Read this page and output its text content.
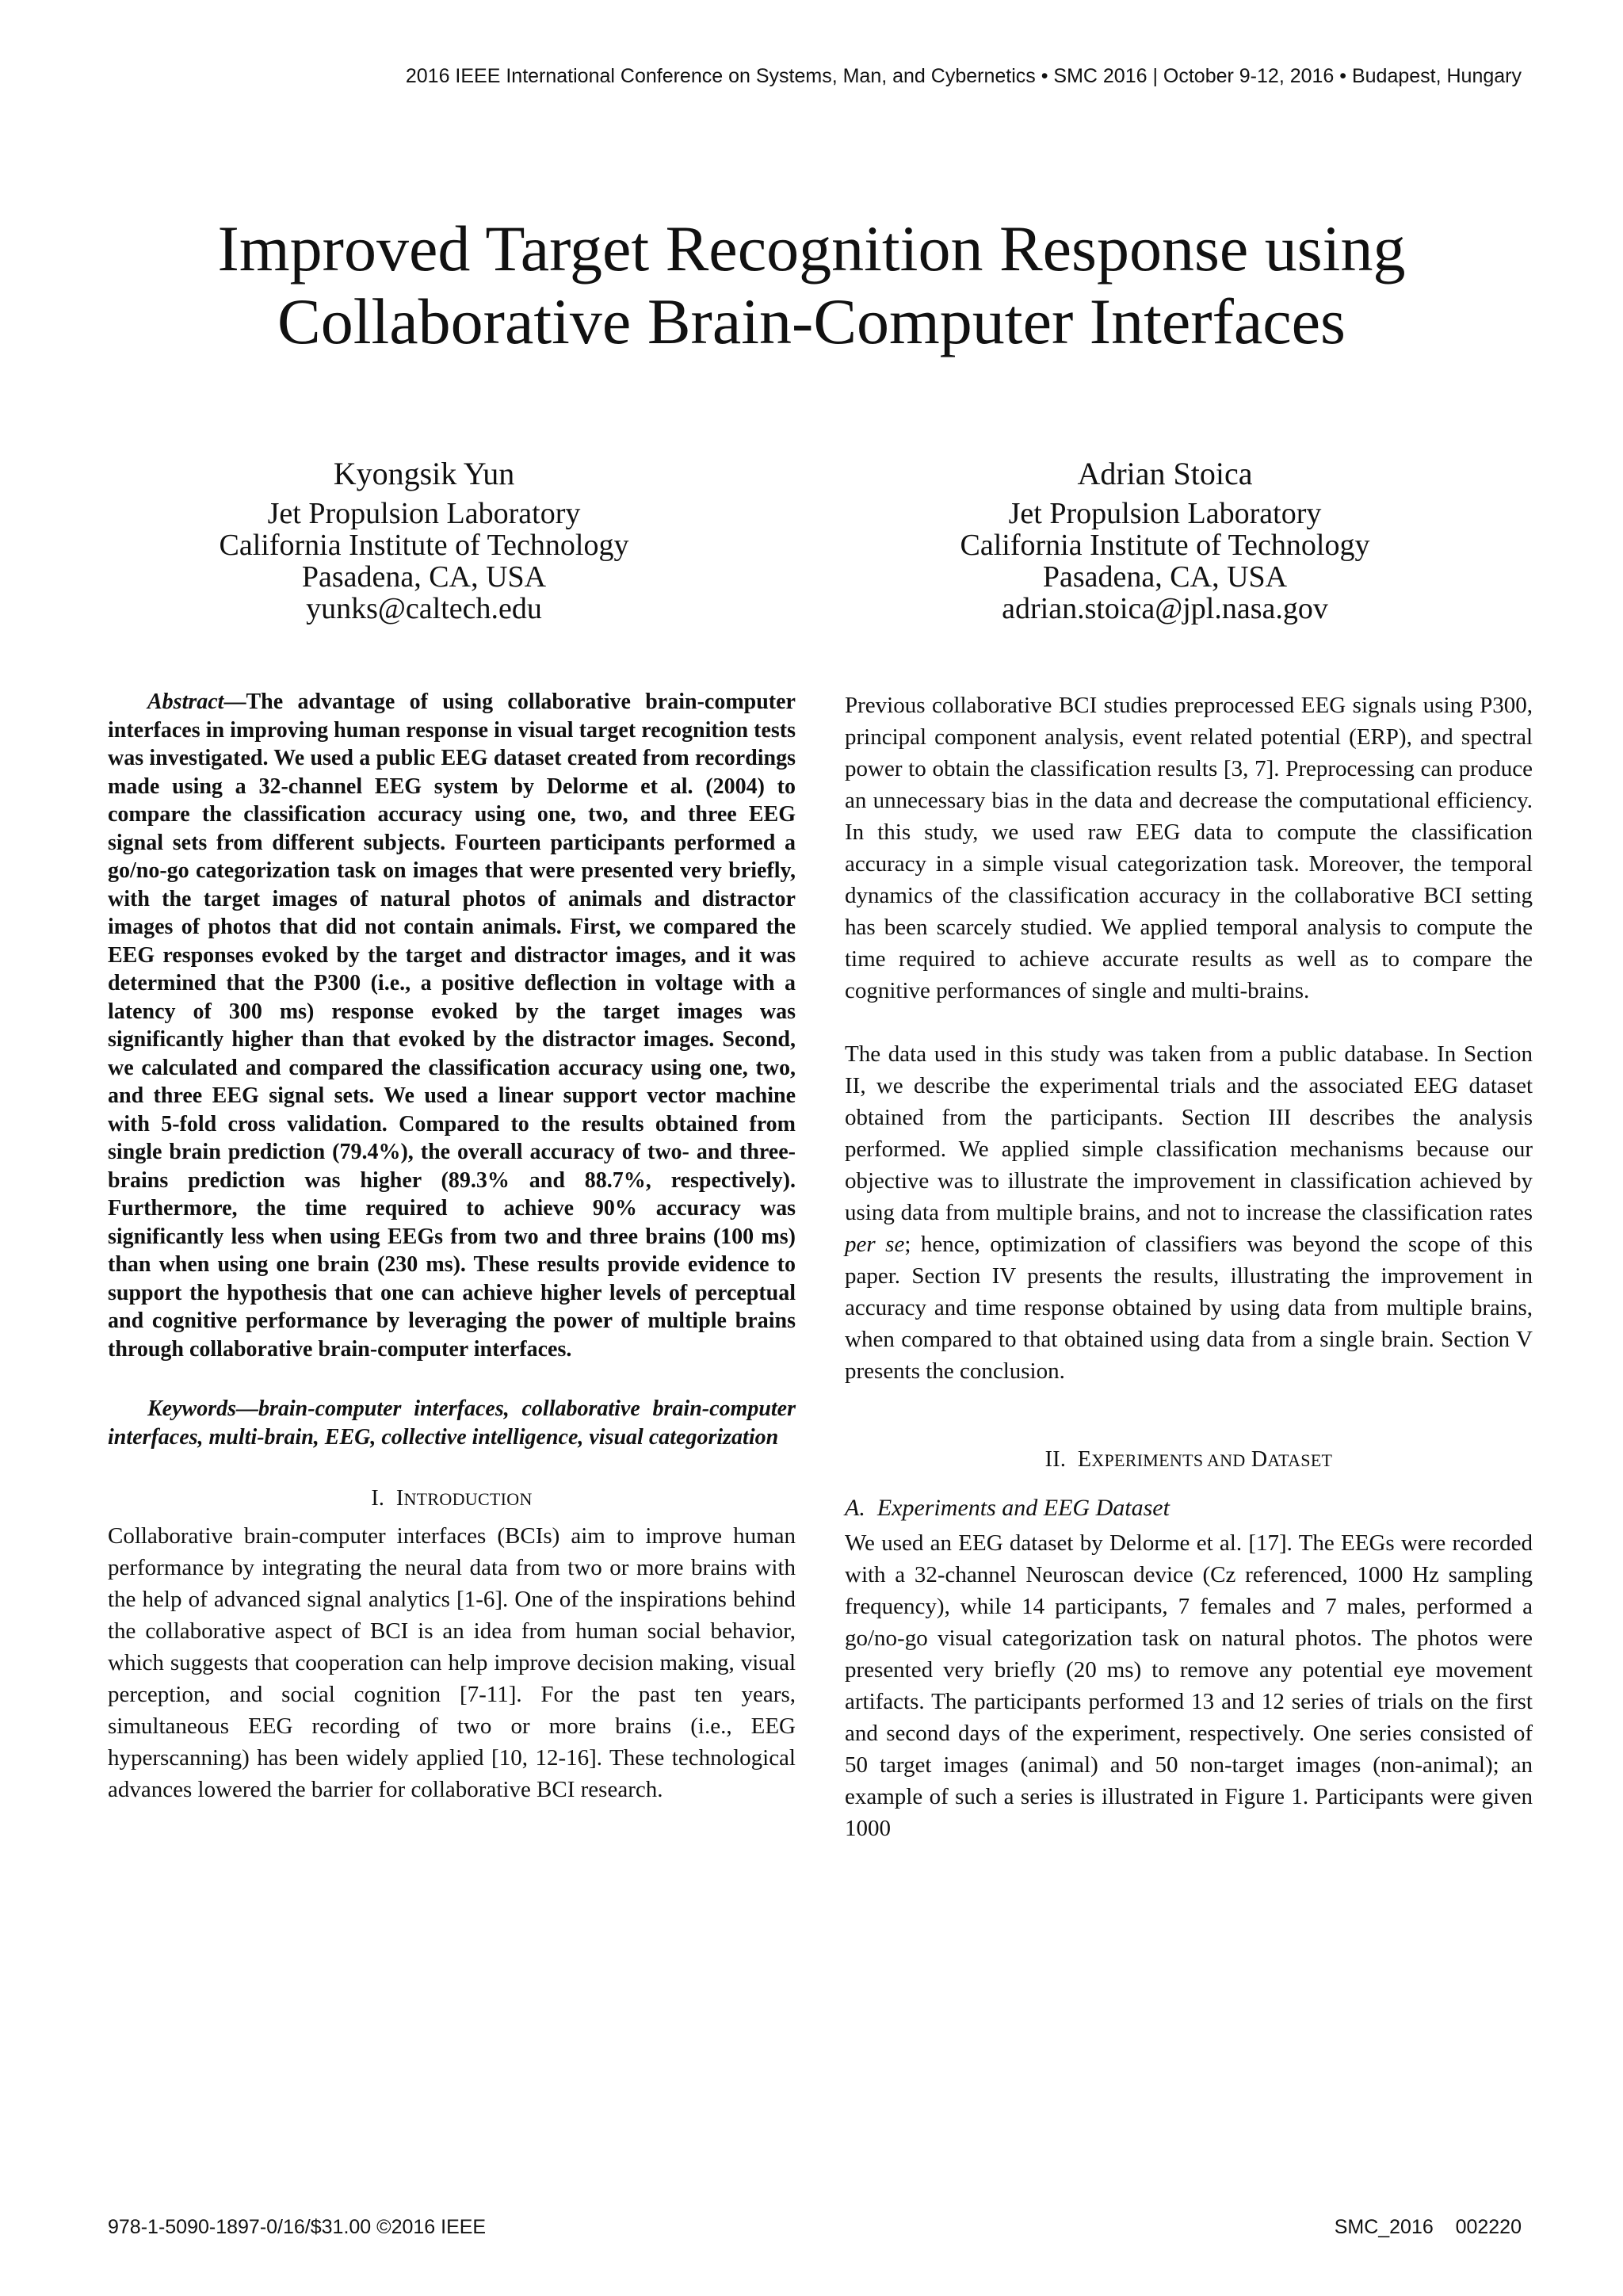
2016 IEEE International Conference on Systems, Man, and Cybernetics • SMC 2016 | October 9-12, 2016 • Budapest, Hungary
Improved Target Recognition Response using
Collaborative Brain-Computer Interfaces
Kyongsik Yun
Jet Propulsion Laboratory
California Institute of Technology
Pasadena, CA, USA
yunks@caltech.edu
Adrian Stoica
Jet Propulsion Laboratory
California Institute of Technology
Pasadena, CA, USA
adrian.stoica@jpl.nasa.gov

Abstract—The advantage of using collaborative brain-computer interfaces in improving human response in visual target recognition tests was investigated. We used a public EEG dataset created from recordings made using a 32-channel EEG system by Delorme et al. (2004) to compare the classification accuracy using one, two, and three EEG signal sets from different subjects. Fourteen participants performed a go/no-go categorization task on images that were presented very briefly, with the target images of natural photos of animals and distractor images of photos that did not contain animals. First, we compared the EEG responses evoked by the target and distractor images, and it was determined that the P300 (i.e., a positive deflection in voltage with a latency of 300 ms) response evoked by the target images was significantly higher than that evoked by the distractor images. Second, we calculated and compared the classification accuracy using one, two, and three EEG signal sets. We used a linear support vector machine with 5-fold cross validation. Compared to the results obtained from single brain prediction (79.4%), the overall accuracy of two- and three-brains prediction was higher (89.3% and 88.7%, respectively). Furthermore, the time required to achieve 90% accuracy was significantly less when using EEGs from two and three brains (100 ms) than when using one brain (230 ms). These results provide evidence to support the hypothesis that one can achieve higher levels of perceptual and cognitive performance by leveraging the power of multiple brains through collaborative brain-computer interfaces.

Keywords—brain-computer interfaces, collaborative brain-computer interfaces, multi-brain, EEG, collective intelligence, visual categorization

I. INTRODUCTION

Collaborative brain-computer interfaces (BCIs) aim to improve human performance by integrating the neural data from two or more brains with the help of advanced signal analytics [1-6]. One of the inspirations behind the collaborative aspect of BCI is an idea from human social behavior, which suggests that cooperation can help improve decision making, visual perception, and social cognition [7-11]. For the past ten years, simultaneous EEG recording of two or more brains (i.e., EEG hyperscanning) has been widely applied [10, 12-16]. These technological advances lowered the barrier for collaborative BCI research.

Previous collaborative BCI studies preprocessed EEG signals using P300, principal component analysis, event related potential (ERP), and spectral power to obtain the classification results [3, 7]. Preprocessing can produce an unnecessary bias in the data and decrease the computational efficiency. In this study, we used raw EEG data to compute the classification accuracy in a simple visual categorization task. Moreover, the temporal dynamics of the classification accuracy in the collaborative BCI setting has been scarcely studied. We applied temporal analysis to compute the time required to achieve accurate results as well as to compare the cognitive performances of single and multi-brains.

The data used in this study was taken from a public database. In Section II, we describe the experimental trials and the associated EEG dataset obtained from the participants. Section III describes the analysis performed. We applied simple classification mechanisms because our objective was to illustrate the improvement in classification achieved by using data from multiple brains, and not to increase the classification rates per se; hence, optimization of classifiers was beyond the scope of this paper. Section IV presents the results, illustrating the improvement in accuracy and time response obtained by using data from multiple brains, when compared to that obtained using data from a single brain. Section V presents the conclusion.

II. EXPERIMENTS AND DATASET
A. Experiments and EEG Dataset

We used an EEG dataset by Delorme et al. [17]. The EEGs were recorded with a 32-channel Neuroscan device (Cz referenced, 1000 Hz sampling frequency), while 14 participants, 7 females and 7 males, performed a go/no-go visual categorization task on natural photos. The photos were presented very briefly (20 ms) to remove any potential eye movement artifacts. The participants performed 13 and 12 series of trials on the first and second days of the experiment, respectively. One series consisted of 50 target images (animal) and 50 non-target images (non-animal); an example of such a series is illustrated in Figure 1. Participants were given 1000

978-1-5090-1897-0/16/$31.00 ©2016 IEEE	SMC_2016 002220
